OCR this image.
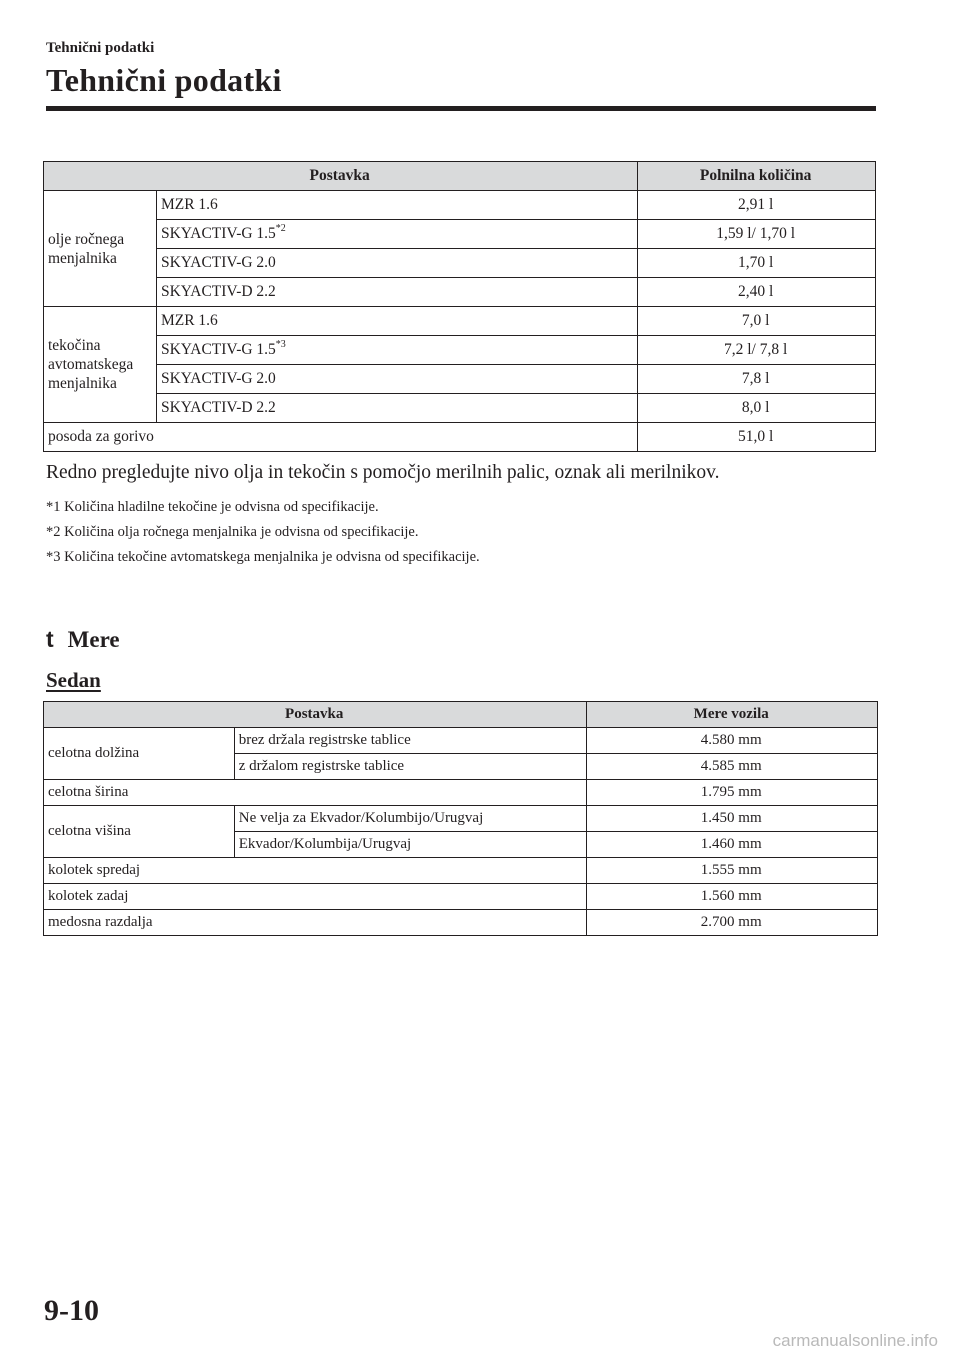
Tehnični podatki

Tehnični podatki
Postavka		Polnilna količina
olje ročnega menjalnika	MZR 1.6	2,91 l
	SKYACTIV-G 1.5$^{*2}$	1,59 l/ 1,70 l
	SKYACTIV-G 2.0	1,70 l
	SKYACTIV-D 2.2	2,40 l
tekočina avtomatskega menjalnika	MZR 1.6	7,0 l
	SKYACTIV-G 1.5$^{*3}$	7,2 l/ 7,8 l
	SKYACTIV-G 2.0	7,8 l
	SKYACTIV-D 2.2	8,0 l
posoda za gorivo		51,0 l

Redno pregledujte nivo olja in tekočin s pomočjo merilnih palic, oznak ali merilnikov.

*1 Količina hladilne tekočine je odvisna od specifikacije.

*2 Količina olja ročnega menjalnika je odvisna od specifikacije.

*3 Količina tekočine avtomatskega menjalnika je odvisna od specifikacije.

t Mere
Sedan
Postavka		Mere vozila
celotna dolžina	brez držala registrske tablice	4.580 mm
	z držalom registrske tablice	4.585 mm
celotna širina		1.795 mm
celotna višina	Ne velja za Ekvador/Kolumbijo/Urugvaj	1.450 mm
	Ekvador/Kolumbija/Urugvaj	1.460 mm
kolotek spredaj		1.555 mm
kolotek zadaj		1.560 mm
medosna razdalja		2.700 mm

9-10

carmanualsonline.info
